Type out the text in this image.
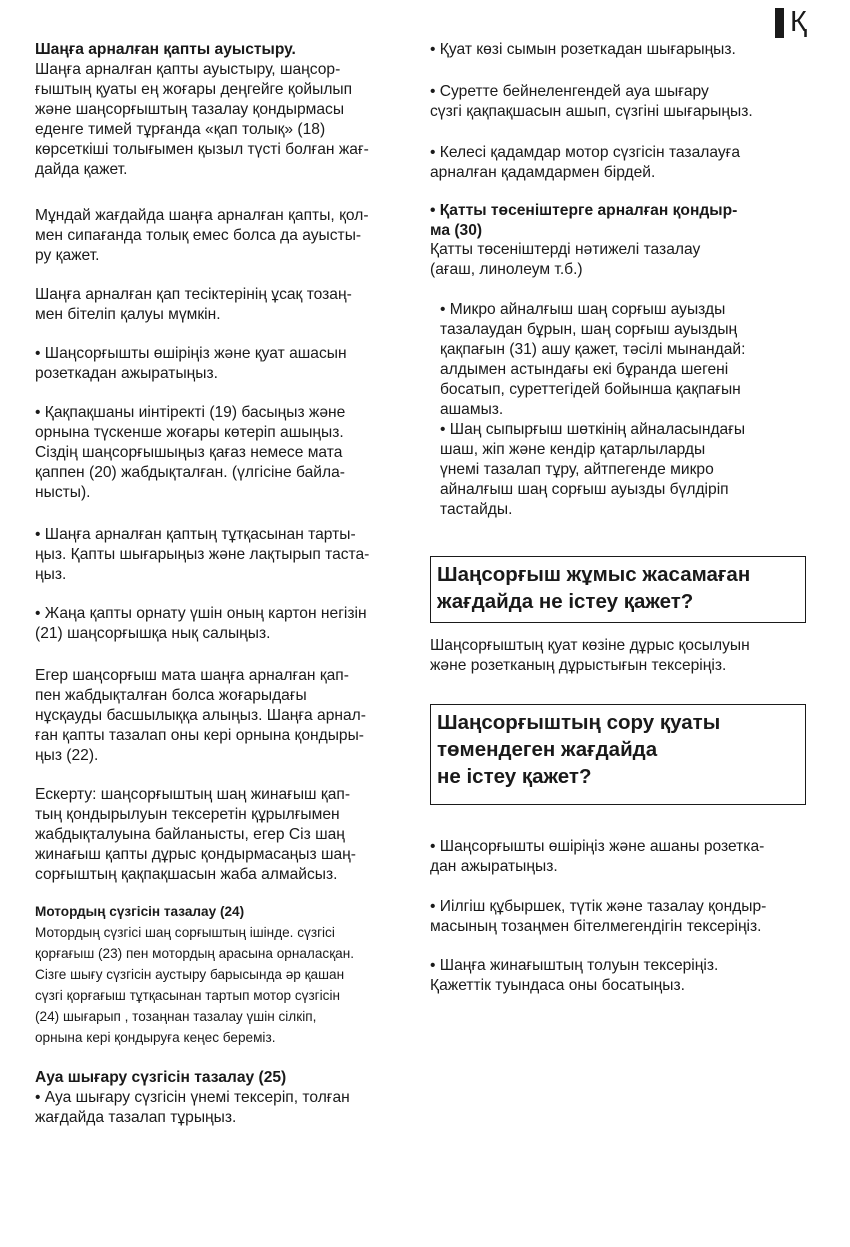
Қ
Шаңға арналған қапты ауыстыру.
Шаңға арналған қапты ауыстыру, шаңсор-
ғыштың қуаты ең жоғары деңгейге қойылып
және шаңсорғыштың тазалау қондырмасы
еденге тимей тұрғанда «қап толық» (18)
көрсеткіші толығымен қызыл түсті болған жағ-
дайда қажет.
Мұндай жағдайда шаңға арналған қапты, қол-
мен сипағанда толық емес болса да ауысты-
ру қажет.
Шаңға арналған қап тесіктерінің ұсақ тозаң-
мен бітеліп қалуы мүмкін.
• Шаңсорғышты өшіріңіз және қуат ашасын
розеткадан ажыратыңыз.
• Қақпақшаны иінтіректі (19) басыңыз және
орнына түскенше жоғары көтеріп ашыңыз.
Сіздің шаңсорғышыңыз қағаз немесе мата
қаппен (20) жабдықталған. (үлгісіне байла-
нысты).
• Шаңға арналған қаптың тұтқасынан тарты-
ңыз. Қапты шығарыңыз және лақтырып таста-
ңыз.
• Жаңа қапты орнату үшін оның картон негізін
(21) шаңсорғышқа нық салыңыз.
Егер шаңсорғыш мата шаңға арналған қап-
пен жабдықталған болса жоғарыдағы
нұсқауды басшылыққа алыңыз. Шаңға арнал-
ған қапты тазалап оны кері орнына қондыры-
ңыз (22).
Ескерту: шаңсорғыштың шаң жинағыш қап-
тың қондырылуын тексеретін құрылғымен
жабдықталуына байланысты, егер Сіз шаң
жинағыш қапты дұрыс қондырмасаңыз шаң-
сорғыштың қақпақшасын жаба алмайсыз.
Мотордың сүзгісін тазалау (24)
Мотордың сүзгісі шаң сорғыштың ішінде. сүзгісі
қорғағыш (23) пен мотордың арасына орналасқан.
Сізге шығу сүзгісін аустыру барысында әр қашан
сүзгі қорғағыш тұтқасынан тартып мотор сүзгісін
(24) шығарып , тозаңнан тазалау үшін сілкіп,
орнына кері қондыруға кеңес береміз.
Ауа шығару сүзгісін тазалау (25)
• Ауа шығару сүзгісін үнемі тексеріп, толған
жағдайда тазалап тұрыңыз.
• Қуат көзі сымын розеткадан шығарыңыз.
• Суретте бейнеленгендей ауа шығару
сүзгі қақпақшасын ашып, сүзгіні шығарыңыз.
• Келесі қадамдар мотор сүзгісін тазалауға
арналған қадамдармен бірдей.
• Қатты төсеніштерге арналған қондыр-
ма (30)
Қатты төсеніштерді нәтижелі тазалау
(ағаш, линолеум т.б.)
• Микро айналғыш шаң сорғыш ауызды
тазалаудан бұрын, шаң сорғыш ауыздың
қақпағын (31) ашу қажет, тәсілі мынандай:
алдымен астындағы екі бұранда шегені
босатып, суреттегідей бойынша қақпағын
ашамыз.
• Шаң сыпырғыш шөткінің айналасындағы
шаш, жіп және кендір қатарлыларды
үнемі тазалап тұру, айтпегенде микро
айналғыш шаң сорғыш ауызды бүлдіріп
тастайды.
Шаңсорғыш жұмыс жасамаған
жағдайда не істеу қажет?
Шаңсорғыштың қуат көзіне дұрыс қосылуын
және розетканың дұрыстығын тексеріңіз.
Шаңсорғыштың сору қуаты
төмендеген жағдайда
не істеу қажет?
• Шаңсорғышты өшіріңіз және ашаны розетка-
дан ажыратыңыз.
• Иілгіш құбыршек, түтік және тазалау қондыр-
масының тозаңмен бітелмегендігін тексеріңіз.
• Шаңға жинағыштың толуын тексеріңіз.
Қажеттік туындаса оны босатыңыз.
